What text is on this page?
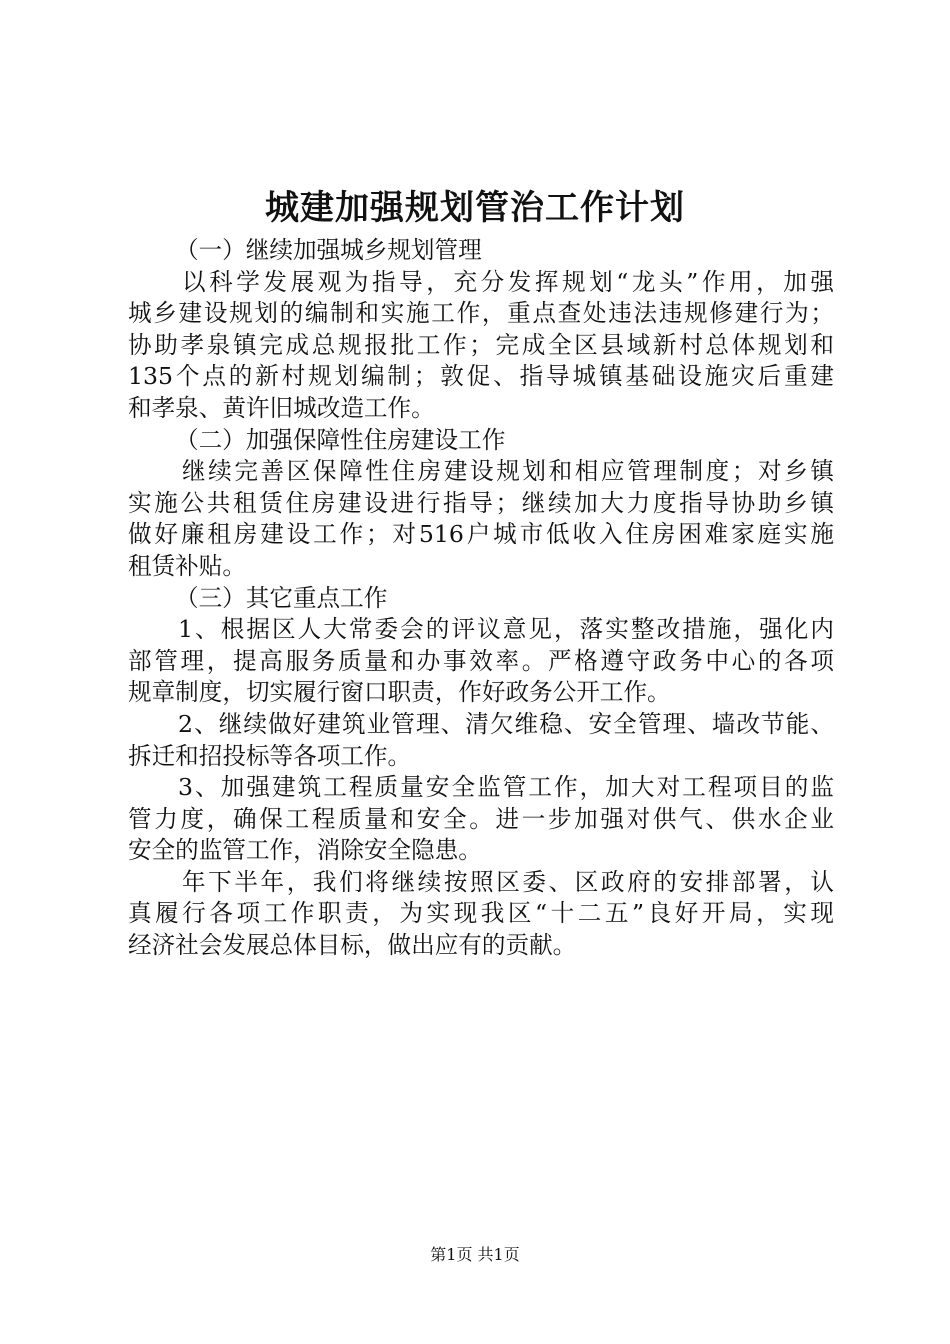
城建加强规划管治工作计划
（一）继续加强城乡规划管理
以科学发展观为指导，充分发挥规划“龙头”作用，加强
城乡建设规划的编制和实施工作，重点查处违法违规修建行为；
协助孝泉镇完成总规报批工作；完成全区县域新村总体规划和
135个点的新村规划编制；敦促、指导城镇基础设施灾后重建
和孝泉、黄许旧城改造工作。
（二）加强保障性住房建设工作
继续完善区保障性住房建设规划和相应管理制度；对乡镇
实施公共租赁住房建设进行指导；继续加大力度指导协助乡镇
做好廉租房建设工作；对516户城市低收入住房困难家庭实施
租赁补贴。
（三）其它重点工作
1、根据区人大常委会的评议意见，落实整改措施，强化内
部管理，提高服务质量和办事效率。严格遵守政务中心的各项
规章制度，切实履行窗口职责，作好政务公开工作。
2、继续做好建筑业管理、清欠维稳、安全管理、墙改节能、
拆迁和招投标等各项工作。
3、加强建筑工程质量安全监管工作，加大对工程项目的监
管力度，确保工程质量和安全。进一步加强对供气、供水企业
安全的监管工作，消除安全隐患。
年下半年，我们将继续按照区委、区政府的安排部署，认
真履行各项工作职责，为实现我区“十二五”良好开局，实现
经济社会发展总体目标，做出应有的贡献。
第1页 共1页
